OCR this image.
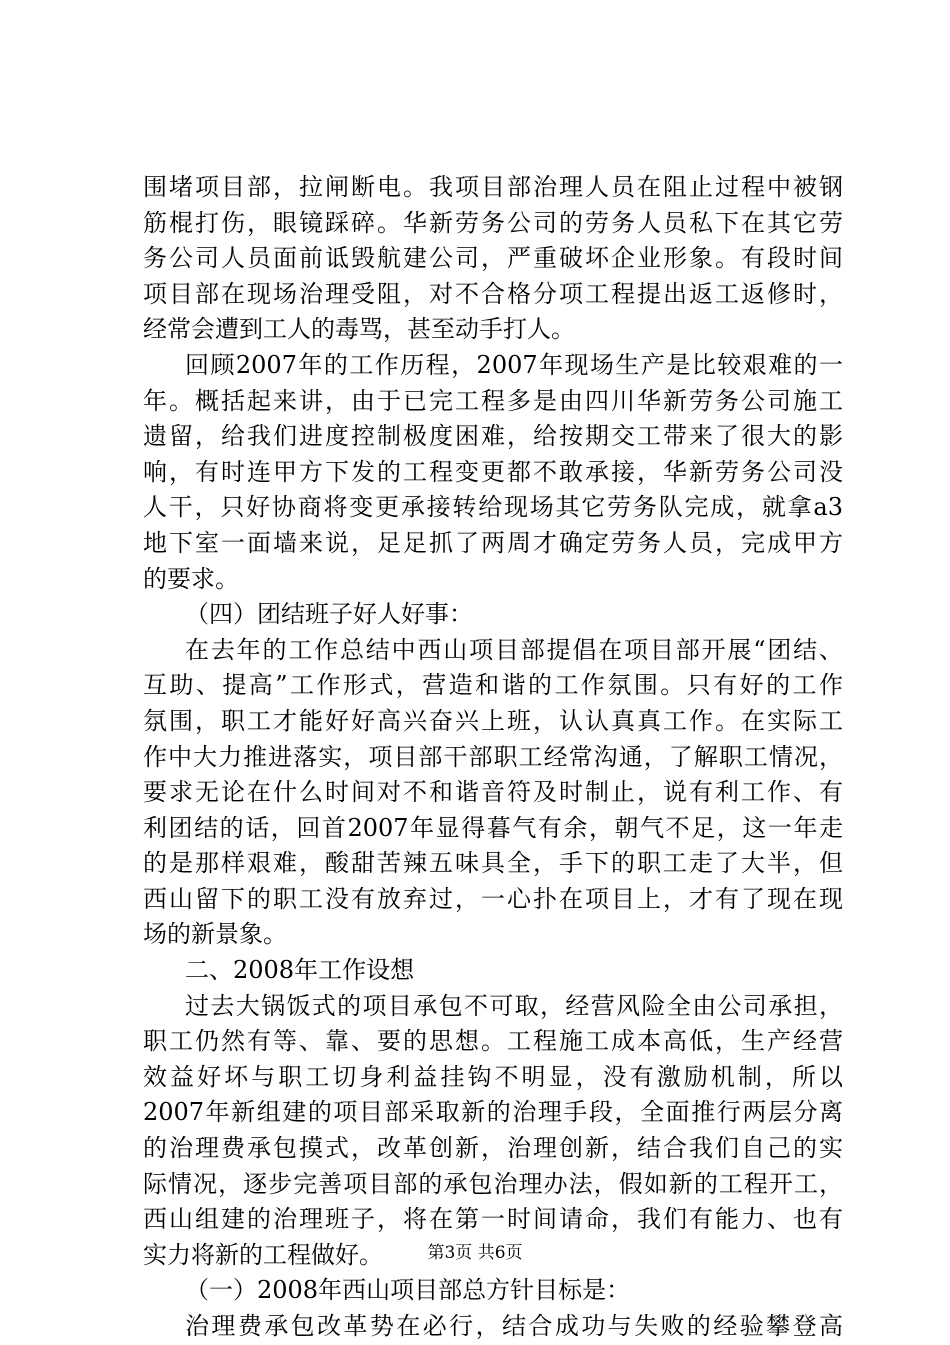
围堵项目部，拉闸断电。我项目部治理人员在阻止过程中被钢
筋棍打伤，眼镜踩碎。华新劳务公司的劳务人员私下在其它劳
务公司人员面前诋毁航建公司，严重破坏企业形象。有段时间
项目部在现场治理受阻，对不合格分项工程提出返工返修时，
经常会遭到工人的毒骂，甚至动手打人。
回顾2007年的工作历程，2007年现场生产是比较艰难的一
年。概括起来讲，由于已完工程多是由四川华新劳务公司施工
遗留，给我们进度控制极度困难，给按期交工带来了很大的影
响，有时连甲方下发的工程变更都不敢承接，华新劳务公司没
人干，只好协商将变更承接转给现场其它劳务队完成，就拿a3
地下室一面墙来说，足足抓了两周才确定劳务人员，完成甲方
的要求。
（四）团结班子好人好事：
在去年的工作总结中西山项目部提倡在项目部开展“团结、
互助、提高”工作形式，营造和谐的工作氛围。只有好的工作
氛围，职工才能好好高兴奋兴上班，认认真真工作。在实际工
作中大力推进落实，项目部干部职工经常沟通，了解职工情况，
要求无论在什么时间对不和谐音符及时制止，说有利工作、有
利团结的话，回首2007年显得暮气有余，朝气不足，这一年走
的是那样艰难，酸甜苦辣五味具全，手下的职工走了大半，但
西山留下的职工没有放弃过，一心扑在项目上，才有了现在现
场的新景象。
二、2008年工作设想
过去大锅饭式的项目承包不可取，经营风险全由公司承担，
职工仍然有等、靠、要的思想。工程施工成本高低，生产经营
效益好坏与职工切身利益挂钩不明显，没有激励机制，所以
2007年新组建的项目部采取新的治理手段，全面推行两层分离
的治理费承包摸式，改革创新，治理创新，结合我们自己的实
际情况，逐步完善项目部的承包治理办法，假如新的工程开工，
西山组建的治理班子，将在第一时间请命，我们有能力、也有
实力将新的工程做好。
（一）2008年西山项目部总方针目标是：
治理费承包改革势在必行，结合成功与失败的经验攀登高
第3页 共6页
